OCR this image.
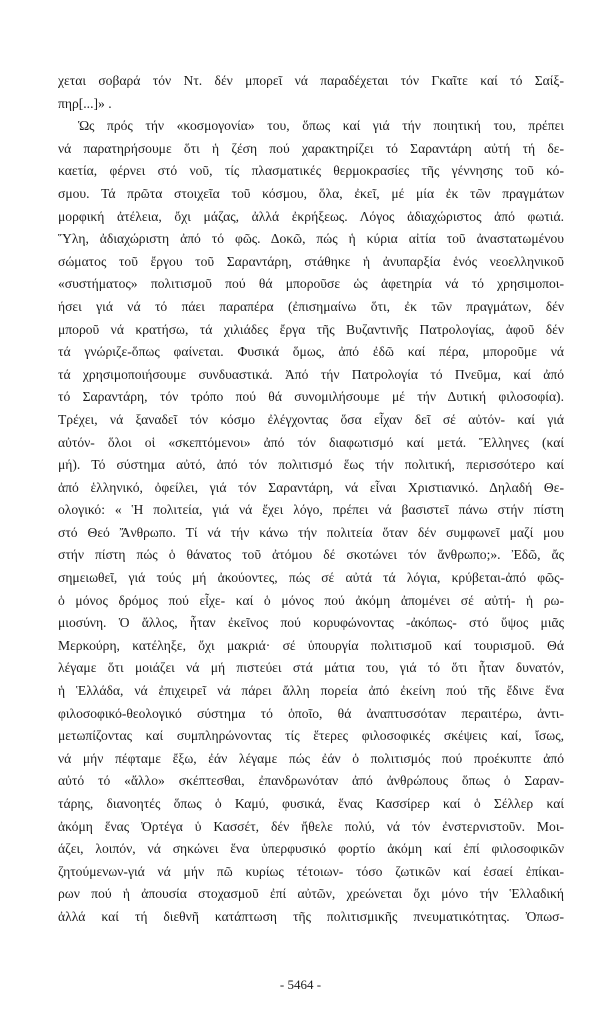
χεται σοβαρά τόν Ντ. δέν μπορεῖ νά παραδέχεται τόν Γκαῖτε καί τό Σαίξ-
πηρ[...]» .
Ὡς πρός τήν «κοσμογονία» του, ὅπως καί γιά τήν ποιητική του, πρέπει
νά παρατηρήσουμε ὅτι ἡ ζέση πού χαρακτηρίζει τό Σαραντάρη αὐτή τή δε-
καετία, φέρνει στό νοῦ, τίς πλασματικές θερμοκρασίες τῆς γέννησης τοῦ κό-
σμου. Τά πρῶτα στοιχεῖα τοῦ κόσμου, ὅλα, ἐκεῖ, μέ μία ἐκ τῶν πραγμάτων
μορφική ἀτέλεια, ὄχι μάζας, ἀλλά ἐκρήξεως. Λόγος ἀδιαχώριστος ἀπό φωτιά.
Ὕλη, ἀδιαχώριστη ἀπό τό φῶς. Δοκῶ, πώς ἡ κύρια αἰτία τοῦ ἀναστατωμένου
σώματος τοῦ ἔργου τοῦ Σαραντάρη, στάθηκε ἡ ἀνυπαρξία ἑνός νεοελληνικοῦ
«συστήματος» πολιτισμοῦ πού θά μποροῦσε ὡς ἀφετηρία νά τό χρησιμοποι-
ήσει γιά νά τό πάει παραπέρα (ἐπισημαίνω ὅτι, ἐκ τῶν πραγμάτων, δέν
μποροῦ νά κρατήσω, τά χιλιάδες ἔργα τῆς Βυζαντινῆς Πατρολογίας, ἀφοῦ δέν
τά γνώριζε-ὅπως φαίνεται. Φυσικά ὅμως, ἀπό ἐδῶ καί πέρα, μποροῦμε νά
τά χρησιμοποιήσουμε συνδυαστικά. Ἀπό τήν Πατρολογία τό Πνεῦμα, καί ἀπό
τό Σαραντάρη, τόν τρόπο πού θά συνομιλήσουμε μέ τήν Δυτική φιλοσοφία).
Τρέχει, νά ξαναδεῖ τόν κόσμο ἐλέγχοντας ὅσα εἶχαν δεῖ σέ αὐτόν- καί γιά
αὐτόν- ὅλοι οἱ «σκεπτόμενοι» ἀπό τόν διαφωτισμό καί μετά. Ἕλληνες (καί
μή). Τό σύστημα αὐτό, ἀπό τόν πολιτισμό ἕως τήν πολιτική, περισσότερο καί
ἀπό ἑλληνικό, ὀφείλει, γιά τόν Σαραντάρη, νά εἶναι Χριστιανικό. Δηλαδή Θε-
ολογικό: « Ἡ πολιτεία, γιά νά ἔχει λόγο, πρέπει νά βασιστεῖ πάνω στήν πίστη
στό Θεό Ἄνθρωπο. Τί νά τήν κάνω τήν πολιτεία ὅταν δέν συμφωνεῖ μαζί μου
στήν πίστη πώς ὁ θάνατος τοῦ ἀτόμου δέ σκοτώνει τόν ἄνθρωπο;». Ἐδῶ, ἄς
σημειωθεῖ, γιά τούς μή ἀκούοντες, πώς σέ αὐτά τά λόγια, κρύβεται-ἀπό φῶς-
ὁ μόνος δρόμος πού εἶχε- καί ὁ μόνος πού ἀκόμη ἀπομένει σέ αὐτή- ἡ ρω-
μιοσύνη. Ὁ ἄλλος, ἦταν ἐκεῖνος πού κορυφώνοντας -ἀκόπως- στό ὕψος μιᾶς
Μερκούρη, κατέληξε, ὄχι μακριά· σέ ὑπουργία πολιτισμοῦ καί τουρισμοῦ. Θά
λέγαμε ὅτι μοιάζει νά μή πιστεύει στά μάτια του, γιά τό ὅτι ἦταν δυνατόν,
ἡ Ἑλλάδα, νά ἐπιχειρεῖ νά πάρει ἄλλη πορεία ἀπό ἐκείνη πού τῆς ἔδινε ἕνα
φιλοσοφικό-θεολογικό σύστημα τό ὁποῖο, θά ἀναπτυσσόταν περαιτέρω, ἀντι-
μετωπίζοντας καί συμπληρώνοντας τίς ἕτερες φιλοσοφικές σκέψεις καί, ἴσως,
νά μήν πέφταμε ἔξω, ἐάν λέγαμε πώς ἐάν ὁ πολιτισμός πού προέκυπτε ἀπό
αὐτό τό «ἄλλο» σκέπτεσθαι, ἐπανδρωνόταν ἀπό ἀνθρώπους ὅπως ὁ Σαραν-
τάρης, διανοητές ὅπως ὁ Καμύ, φυσικά, ἕνας Κασσίρερ καί ὁ Σέλλερ καί
ἀκόμη ἕνας Ὀρτέγα ὑ Κασσέτ, δέν ἤθελε πολύ, νά τόν ἐνστερνιστοῦν. Μοι-
άζει, λοιπόν, νά σηκώνει ἕνα ὑπερφυσικό φορτίο ἀκόμη καί ἐπί φιλοσοφικῶν
ζητούμενων-γιά νά μήν πῶ κυρίως τέτοιων- τόσο ζωτικῶν καί ἐσαεί ἐπίκαι-
ρων πού ἡ ἀπουσία στοχασμοῦ ἐπί αὐτῶν, χρεώνεται ὄχι μόνο τήν Ἑλλαδική
ἀλλά καί τή διεθνῆ κατάπτωση τῆς πολιτισμικῆς πνευματικότητας. Ὀπωσ-
- 5464 -
